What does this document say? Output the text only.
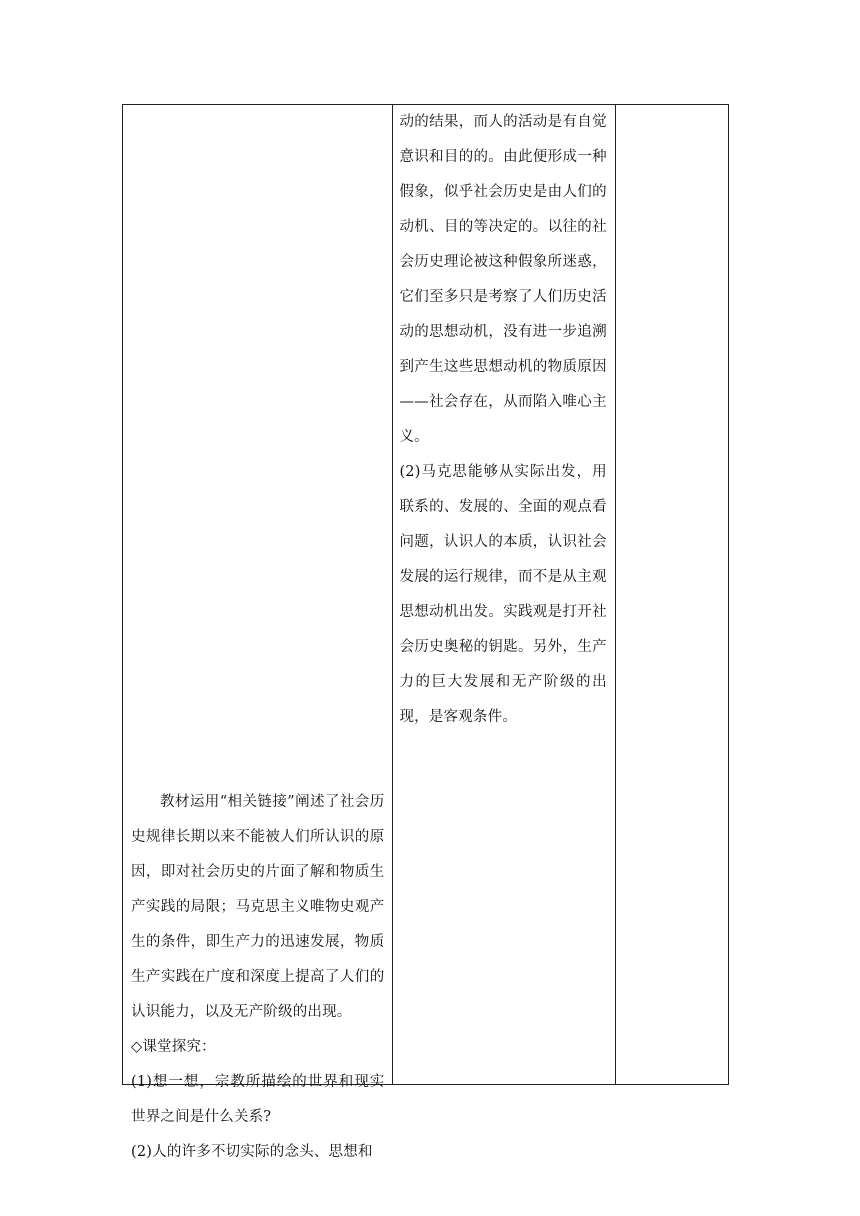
教材运用“相关链接”阐述了社会历史规律长期以来不能被人们所认识的原因，即对社会历史的片面了解和物质生产实践的局限；马克思主义唯物史观产生的条件，即生产力的迅速发展，物质生产实践在广度和深度上提高了人们的认识能力，以及无产阶级的出现。

◇课堂探究：

(1)想一想，宗教所描绘的世界和现实世界之间是什么关系?

(2)人的许多不切实际的念头、思想和

动的结果，而人的活动是有自觉意识和目的的。由此便形成一种假象，似乎社会历史是由人们的动机、目的等决定的。以往的社会历史理论被这种假象所迷惑，它们至多只是考察了人们历史活动的思想动机，没有进一步追溯到产生这些思想动机的物质原因——社会存在，从而陷入唯心主义。

(2)马克思能够从实际出发，用联系的、发展的、全面的观点看问题，认识人的本质，认识社会发展的运行规律，而不是从主观思想动机出发。实践观是打开社会历史奥秘的钥匙。另外，生产力的巨大发展和无产阶级的出现，是客观条件。
